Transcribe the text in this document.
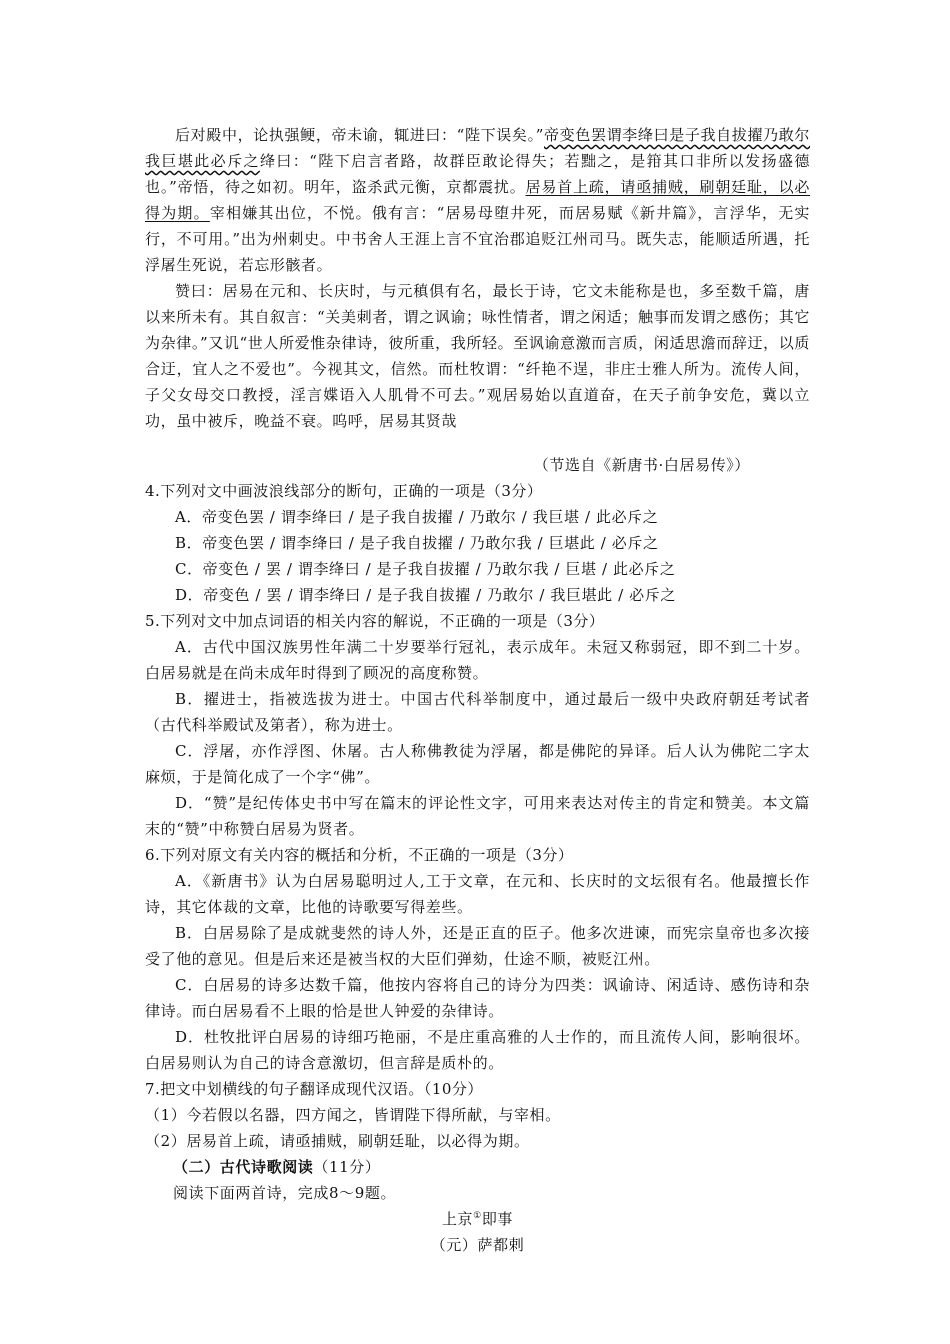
后对殿中，论执强鲠，帝未谕，辄进曰：“陛下误矣。”帝变色罢谓李绛曰是子我自拔擢乃敢尔我巨堪此必斥之绛曰：“陛下启言者路，故群臣敢论得失；若黜之，是箝其口非所以发扬盛德也。”帝悟，待之如初。明年，盗杀武元衡，京都震扰。居易首上疏，请亟捕贼，刷朝廷耻，以必得为期。宰相嫌其出位，不悦。俄有言：“居易母堕井死，而居易赋《新井篇》，言浮华，无实行，不可用。”出为州刺史。中书舍人王涯上言不宜治郡追贬江州司马。既失志，能顺适所遇，托浮屠生死说，若忘形骸者。

赞曰：居易在元和、长庆时，与元稹俱有名，最长于诗，它文未能称是也，多至数千篇，唐以来所未有。其自叙言：“关美刺者，谓之讽谕；咏性情者，谓之闲适；触事而发谓之感伤；其它为杂律。”又讥“世人所爱惟杂律诗，彼所重，我所轻。至讽谕意激而言质，闲适思澹而辞迂，以质合迂，宜人之不爱也”。今视其文，信然。而杜牧谓：“纤艳不逞，非庄士雅人所为。流传人间，子父女母交口教授，淫言媟语入人肌骨不可去。”观居易始以直道奋，在天子前争安危，冀以立功，虽中被斥，晚益不衰。呜呼，居易其贤哉

（节选自《新唐书·白居易传》）

4.下列对文中画波浪线部分的断句，正确的一项是（3分）

A．帝变色罢 / 谓李绛曰 / 是子我自拔擢 / 乃敢尔 / 我巨堪 / 此必斥之

B．帝变色罢 / 谓李绛曰 / 是子我自拔擢 / 乃敢尔我 / 巨堪此 / 必斥之

C．帝变色 / 罢 / 谓李绛曰 / 是子我自拔擢 / 乃敢尔我 / 巨堪 / 此必斥之

D．帝变色 / 罢 / 谓李绛曰 / 是子我自拔擢 / 乃敢尔 / 我巨堪此 / 必斥之

5.下列对文中加点词语的相关内容的解说，不正确的一项是（3分）

A．古代中国汉族男性年满二十岁要举行冠礼，表示成年。未冠又称弱冠，即不到二十岁。白居易就是在尚未成年时得到了顾况的高度称赞。

B．擢进士，指被选拔为进士。中国古代科举制度中，通过最后一级中央政府朝廷考试者（古代科举殿试及第者），称为进士。

C．浮屠，亦作浮图、休屠。古人称佛教徒为浮屠，都是佛陀的异译。后人认为佛陀二字太麻烦，于是简化成了一个字“佛”。

D．“赞”是纪传体史书中写在篇末的评论性文字，可用来表达对传主的肯定和赞美。本文篇末的“赞”中称赞白居易为贤者。

6.下列对原文有关内容的概括和分析，不正确的一项是（3分）

A．《新唐书》认为白居易聪明过人,工于文章，在元和、长庆时的文坛很有名。他最擅长作诗，其它体裁的文章，比他的诗歌要写得差些。

B．白居易除了是成就斐然的诗人外，还是正直的臣子。他多次进谏，而宪宗皇帝也多次接受了他的意见。但是后来还是被当权的大臣们弹劾，仕途不顺，被贬江州。

C．白居易的诗多达数千篇，他按内容将自己的诗分为四类：讽谕诗、闲适诗、感伤诗和杂律诗。而白居易看不上眼的恰是世人钟爱的杂律诗。

D．杜牧批评白居易的诗细巧艳丽，不是庄重高雅的人士作的，而且流传人间，影响很坏。白居易则认为自己的诗含意激切，但言辞是质朴的。

7.把文中划横线的句子翻译成现代汉语。（10分）

（1）今若假以名器，四方闻之，皆谓陛下得所献，与宰相。

（2）居易首上疏，请亟捕贼，刷朝廷耻，以必得为期。

（二）古代诗歌阅读（11分）

阅读下面两首诗，完成8～9题。

上京①即事

（元）萨都剌
